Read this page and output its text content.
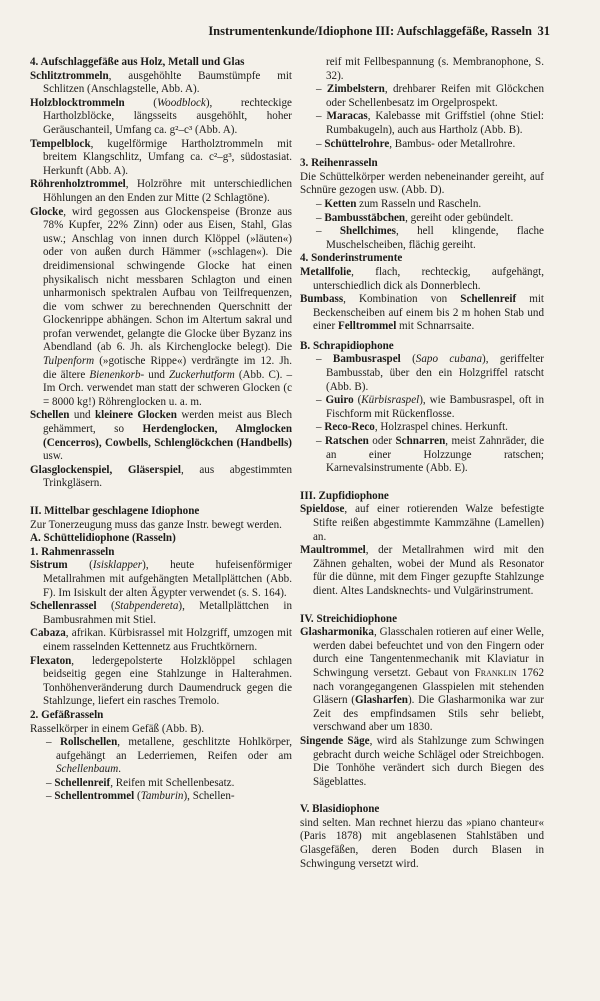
Instrumentenkunde/Idiophone III: Aufschlaggefäße, Rasseln 31

4. Aufschlaggefäße aus Holz, Metall und Glas

Schlitztrommeln, ausgehöhlte Baumstümpfe mit Schlitzen (Anschlagstelle, Abb. A).

Holzblocktrommeln (Woodblock), rechteckige Hartholzblöcke, längsseits ausgehöhlt, hoher Geräuschanteil, Umfang ca. g²–c³ (Abb. A).

Tempelblock, kugelförmige Hartholztrommeln mit breitem Klangschlitz, Umfang ca. c²–g³, südostasiat. Herkunft (Abb. A).

Röhrenholztrommel, Holzröhre mit unterschiedlichen Höhlungen an den Enden zur Mitte (2 Schlagtöne).

Glocke, wird gegossen aus Glockenspeise (Bronze aus 78% Kupfer, 22% Zinn) oder aus Eisen, Stahl, Glas usw.; Anschlag von innen durch Klöppel (»läuten«) oder von außen durch Hämmer (»schlagen«). Die dreidimensional schwingende Glocke hat einen physikalisch nicht messbaren Schlagton und einen unharmonisch spektralen Aufbau von Teilfrequenzen, die vom schwer zu berechnenden Querschnitt der Glockenrippe abhängen. Schon im Altertum sakral und profan verwendet, gelangte die Glocke über Byzanz ins Abendland (ab 6. Jh. als Kirchenglocke belegt). Die Tulpenform (»gotische Rippe«) verdrängte im 12. Jh. die ältere Bienenkorb- und Zuckerhutform (Abb. C). – Im Orch. verwendet man statt der schweren Glocken (c = 8000 kg!) Röhrenglocken u. a. m.

Schellen und kleinere Glocken werden meist aus Blech gehämmert, so Herdenglocken, Almglocken (Cencerros), Cowbells, Schlenglöckchen (Handbells) usw.

Glasglockenspiel, Gläserspiel, aus abgestimmten Trinkgläsern.

II. Mittelbar geschlagene Idiophone

Zur Tonerzeugung muss das ganze Instr. bewegt werden.

A. Schüttelidiophone (Rasseln)

1. Rahmenrasseln

Sistrum (Isisklapper), heute hufeisenförmiger Metallrahmen mit aufgehängten Metallplättchen (Abb. F). Im Isiskult der alten Ägypter verwendet (s. S. 164).

Schellenrassel (Stabpendereta), Metallplättchen in Bambusrahmen mit Stiel.

Cabaza, afrikan. Kürbisrassel mit Holzgriff, umzogen mit einem rasselnden Kettennetz aus Fruchtkörnern.

Flexaton, ledergepolsterte Holzklöppel schlagen beidseitig gegen eine Stahlzunge in Halterahmen. Tonhöhenveränderung durch Daumendruck gegen die Stahlzunge, liefert ein rasches Tremolo.

2. Gefäßrasseln

Rasselkörper in einem Gefäß (Abb. B).

– Rollschellen, metallene, geschlitzte Hohlkörper, aufgehängt an Lederriemen, Reifen oder am Schellenbaum.

– Schellenreif, Reifen mit Schellenbesatz.

– Schellentrommel (Tamburin), Schellen-

reif mit Fellbespannung (s. Membranophone, S. 32).

– Zimbelstern, drehbarer Reifen mit Glöckchen oder Schellenbesatz im Orgelprospekt.

– Maracas, Kalebasse mit Griffstiel (ohne Stiel: Rumbakugeln), auch aus Hartholz (Abb. B).

– Schüttelrohre, Bambus- oder Metallrohre.

3. Reihenrasseln

Die Schüttelkörper werden nebeneinander gereiht, auf Schnüre gezogen usw. (Abb. D).

– Ketten zum Rasseln und Rascheln.

– Bambusstäbchen, gereiht oder gebündelt.

– Shellchimes, hell klingende, flache Muschelscheiben, flächig gereiht.

4. Sonderinstrumente

Metallfolie, flach, rechteckig, aufgehängt, unterschiedlich dick als Donnerblech.

Bumbass, Kombination von Schellenreif mit Beckenscheiben auf einem bis 2 m hohen Stab und einer Felltrommel mit Schnarrsaite.

B. Schrapidiophone

– Bambusraspel (Sapo cubana), geriffelter Bambusstab, über den ein Holzgriffel ratscht (Abb. B).

– Guiro (Kürbisraspel), wie Bambusraspel, oft in Fischform mit Rückenflosse.

– Reco-Reco, Holzraspel chines. Herkunft.

– Ratschen oder Schnarren, meist Zahnräder, die an einer Holzzunge ratschen; Karnevalsinstrumente (Abb. E).

III. Zupfidiophone

Spieldose, auf einer rotierenden Walze befestigte Stifte reißen abgestimmte Kammzähne (Lamellen) an.

Maultrommel, der Metallrahmen wird mit den Zähnen gehalten, wobei der Mund als Resonator für die dünne, mit dem Finger gezupfte Stahlzunge dient. Altes Landsknechts- und Vulgärinstrument.

IV. Streichidiophone

Glasharmonika, Glasschalen rotieren auf einer Welle, werden dabei befeuchtet und von den Fingern oder durch eine Tangentenmechanik mit Klaviatur in Schwingung versetzt. Gebaut von Franklin 1762 nach vorangegangenen Glasspielen mit stehenden Gläsern (Glasharfen). Die Glasharmonika war zur Zeit des empfindsamen Stils sehr beliebt, verschwand aber um 1830.

Singende Säge, wird als Stahlzunge zum Schwingen gebracht durch weiche Schlägel oder Streichbogen. Die Tonhöhe verändert sich durch Biegen des Sägeblattes.

V. Blasidiophone

sind selten. Man rechnet hierzu das »piano chanteur« (Paris 1878) mit angeblasenen Stahlstäben und Glasgefäßen, deren Boden durch Blasen in Schwingung versetzt wird.
